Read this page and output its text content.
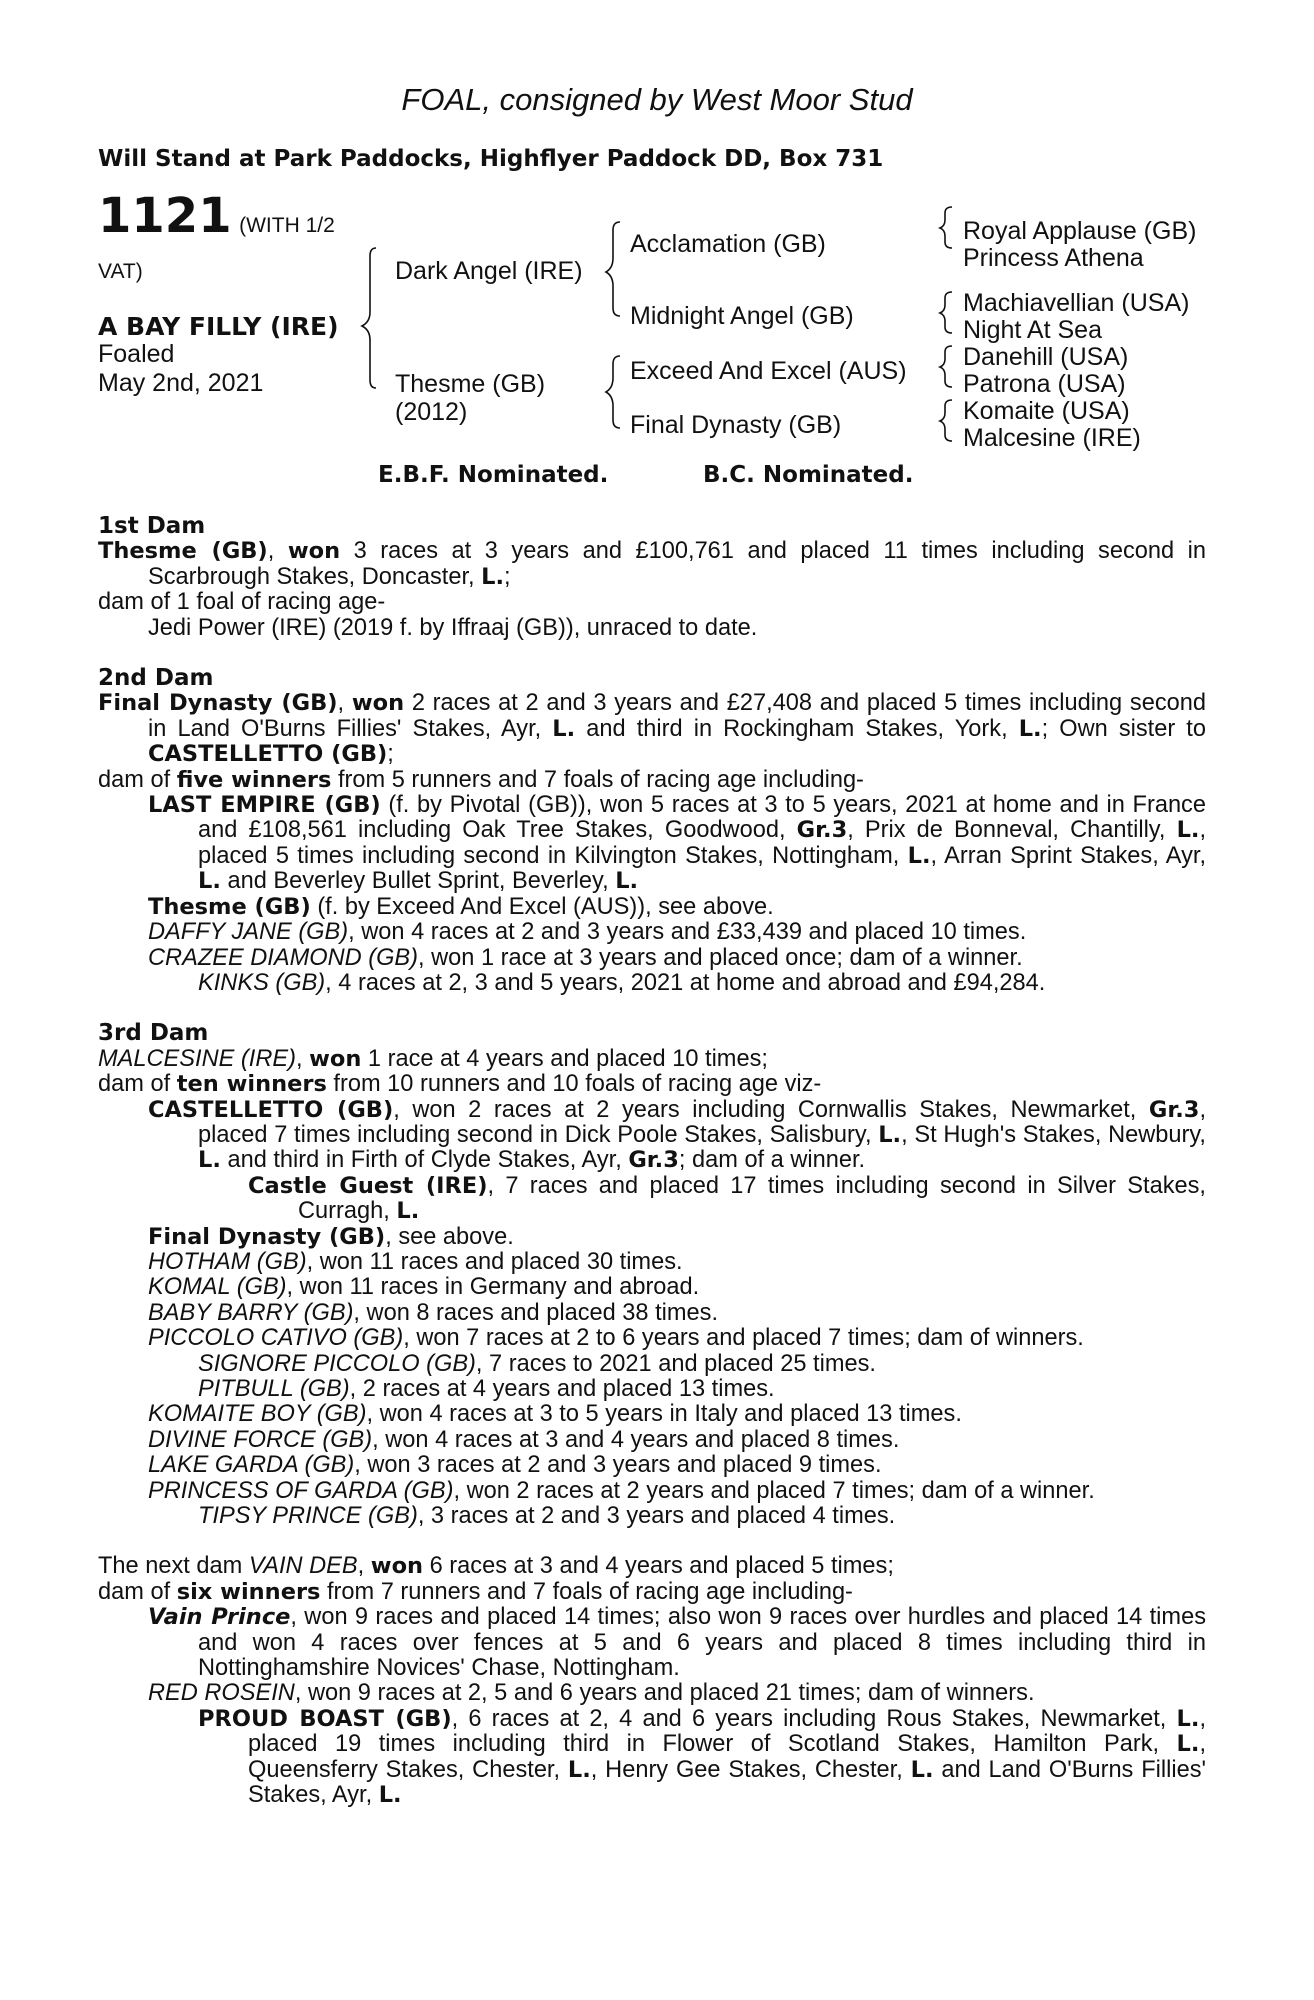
FOAL, consigned by West Moor Stud
Will Stand at Park Paddocks, Highflyer Paddock DD, Box 731
1121 (WITH 1/2
VAT)
A BAY FILLY (IRE)
Foaled
May 2nd, 2021
Dark Angel (IRE)
Thesme (GB)
(2012)
Acclamation (GB)
Midnight Angel (GB)
Exceed And Excel (AUS)
Final Dynasty (GB)
Royal Applause (GB)
Princess Athena
Machiavellian (USA)
Night At Sea
Danehill (USA)
Patrona (USA)
Komaite (USA)
Malcesine (IRE)
E.B.F. Nominated.	B.C. Nominated.
1st Dam
Thesme (GB), won 3 races at 3 years and £100,761 and placed 11 times including second in Scarbrough Stakes, Doncaster, L.;
dam of 1 foal of racing age-
Jedi Power (IRE) (2019 f. by Iffraaj (GB)), unraced to date.
2nd Dam
Final Dynasty (GB), won 2 races at 2 and 3 years and £27,408 and placed 5 times including second in Land O'Burns Fillies' Stakes, Ayr, L. and third in Rockingham Stakes, York, L.; Own sister to CASTELLETTO (GB);
dam of five winners from 5 runners and 7 foals of racing age including-
LAST EMPIRE (GB) (f. by Pivotal (GB)), won 5 races at 3 to 5 years, 2021 at home and in France and £108,561 including Oak Tree Stakes, Goodwood, Gr.3, Prix de Bonneval, Chantilly, L., placed 5 times including second in Kilvington Stakes, Nottingham, L., Arran Sprint Stakes, Ayr, L. and Beverley Bullet Sprint, Beverley, L.
Thesme (GB) (f. by Exceed And Excel (AUS)), see above.
DAFFY JANE (GB), won 4 races at 2 and 3 years and £33,439 and placed 10 times.
CRAZEE DIAMOND (GB), won 1 race at 3 years and placed once; dam of a winner.
KINKS (GB), 4 races at 2, 3 and 5 years, 2021 at home and abroad and £94,284.
3rd Dam
MALCESINE (IRE), won 1 race at 4 years and placed 10 times;
dam of ten winners from 10 runners and 10 foals of racing age viz-
CASTELLETTO (GB), won 2 races at 2 years including Cornwallis Stakes, Newmarket, Gr.3, placed 7 times including second in Dick Poole Stakes, Salisbury, L., St Hugh's Stakes, Newbury, L. and third in Firth of Clyde Stakes, Ayr, Gr.3; dam of a winner.
Castle Guest (IRE), 7 races and placed 17 times including second in Silver Stakes, Curragh, L.
Final Dynasty (GB), see above.
HOTHAM (GB), won 11 races and placed 30 times.
KOMAL (GB), won 11 races in Germany and abroad.
BABY BARRY (GB), won 8 races and placed 38 times.
PICCOLO CATIVO (GB), won 7 races at 2 to 6 years and placed 7 times; dam of winners.
SIGNORE PICCOLO (GB), 7 races to 2021 and placed 25 times.
PITBULL (GB), 2 races at 4 years and placed 13 times.
KOMAITE BOY (GB), won 4 races at 3 to 5 years in Italy and placed 13 times.
DIVINE FORCE (GB), won 4 races at 3 and 4 years and placed 8 times.
LAKE GARDA (GB), won 3 races at 2 and 3 years and placed 9 times.
PRINCESS OF GARDA (GB), won 2 races at 2 years and placed 7 times; dam of a winner.
TIPSY PRINCE (GB), 3 races at 2 and 3 years and placed 4 times.
The next dam VAIN DEB, won 6 races at 3 and 4 years and placed 5 times;
dam of six winners from 7 runners and 7 foals of racing age including-
Vain Prince, won 9 races and placed 14 times; also won 9 races over hurdles and placed 14 times and won 4 races over fences at 5 and 6 years and placed 8 times including third in Nottinghamshire Novices' Chase, Nottingham.
RED ROSEIN, won 9 races at 2, 5 and 6 years and placed 21 times; dam of winners.
PROUD BOAST (GB), 6 races at 2, 4 and 6 years including Rous Stakes, Newmarket, L., placed 19 times including third in Flower of Scotland Stakes, Hamilton Park, L., Queensferry Stakes, Chester, L., Henry Gee Stakes, Chester, L. and Land O'Burns Fillies' Stakes, Ayr, L.
